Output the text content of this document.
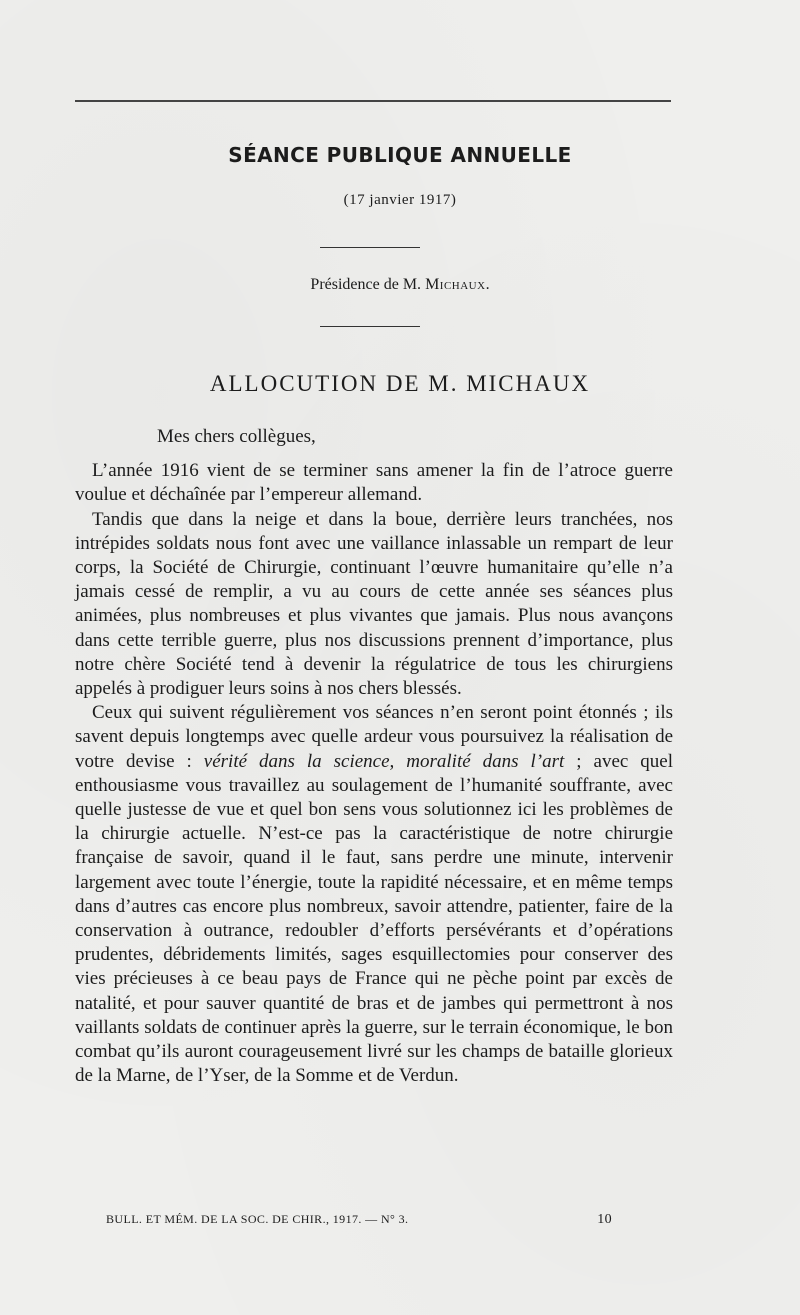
SÉANCE PUBLIQUE ANNUELLE
(17 janvier 1917)
Présidence de M. Michaux.
ALLOCUTION DE M. MICHAUX

Mes chers collègues,

L’année 1916 vient de se terminer sans amener la fin de l’atroce guerre voulue et déchaînée par l’empereur allemand.

Tandis que dans la neige et dans la boue, derrière leurs tranchées, nos intrépides soldats nous font avec une vaillance inlassable un rempart de leur corps, la Société de Chirurgie, continuant l’œuvre humanitaire qu’elle n’a jamais cessé de remplir, a vu au cours de cette année ses séances plus animées, plus nombreuses et plus vivantes que jamais. Plus nous avançons dans cette terrible guerre, plus nos discussions prennent d’importance, plus notre chère Société tend à devenir la régulatrice de tous les chirurgiens appelés à prodiguer leurs soins à nos chers blessés.

Ceux qui suivent régulièrement vos séances n’en seront point étonnés ; ils savent depuis longtemps avec quelle ardeur vous poursuivez la réalisation de votre devise : vérité dans la science, moralité dans l’art ; avec quel enthousiasme vous travaillez au soulagement de l’humanité souffrante, avec quelle justesse de vue et quel bon sens vous solutionnez ici les problèmes de la chirurgie actuelle. N’est-ce pas la caractéristique de notre chirurgie française de savoir, quand il le faut, sans perdre une minute, intervenir largement avec toute l’énergie, toute la rapidité nécessaire, et en même temps dans d’autres cas encore plus nombreux, savoir attendre, patienter, faire de la conservation à outrance, redoubler d’efforts persévérants et d’opérations prudentes, débridements limités, sages esquillectomies pour conserver des vies précieuses à ce beau pays de France qui ne pèche point par excès de natalité, et pour sauver quantité de bras et de jambes qui permettront à nos vaillants soldats de continuer après la guerre, sur le terrain économique, le bon combat qu’ils auront courageusement livré sur les champs de bataille glorieux de la Marne, de l’Yser, de la Somme et de Verdun.

BULL. ET MÉM. DE LA SOC. DE CHIR., 1917. — N° 3.	10
